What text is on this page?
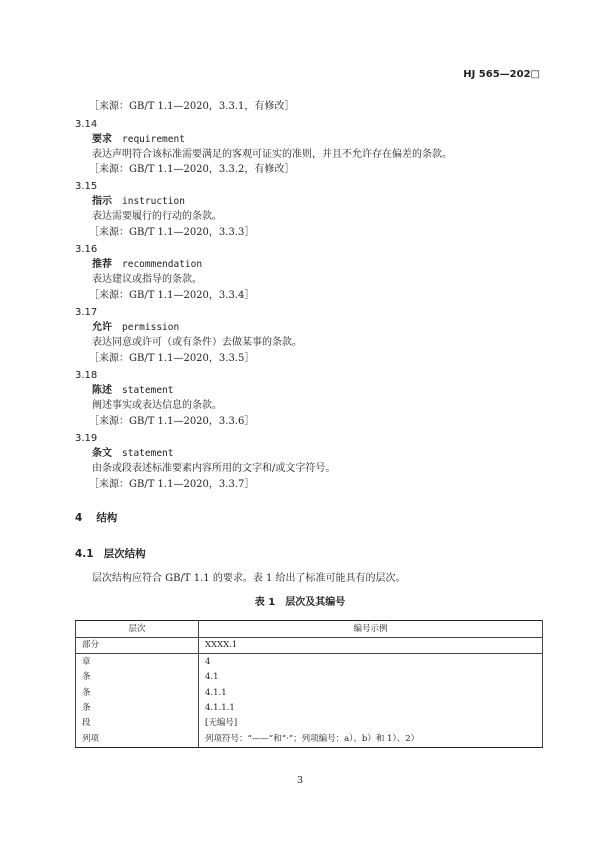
HJ 565—202□
［来源：GB/T 1.1—2020，3.3.1，有修改］
3.14
要求 requirement
表达声明符合该标准需要满足的客观可证实的准则，并且不允许存在偏差的条款。
［来源：GB/T 1.1—2020，3.3.2，有修改］
3.15
指示 instruction
表达需要履行的行动的条款。
［来源：GB/T 1.1—2020，3.3.3］
3.16
推荐 recommendation
表达建议或指导的条款。
［来源：GB/T 1.1—2020，3.3.4］
3.17
允许 permission
表达同意或许可（或有条件）去做某事的条款。
［来源：GB/T 1.1—2020，3.3.5］
3.18
陈述 statement
阐述事实或表达信息的条款。
［来源：GB/T 1.1—2020，3.3.6］
3.19
条文 statement
由条或段表述标准要素内容所用的文字和/或文字符号。
［来源：GB/T 1.1—2020，3.3.7］
4 结构
4.1 层次结构
层次结构应符合 GB/T 1.1 的要求。表 1 给出了标准可能具有的层次。
表 1 层次及其编号
层次	编号示例
部分	XXXX.1
章	4
条	4.1
条	4.1.1
条	4.1.1.1
段	[无编号]
列项	列项符号：“——”和“·”；列项编号：a）、b）和 1）、2）
3
